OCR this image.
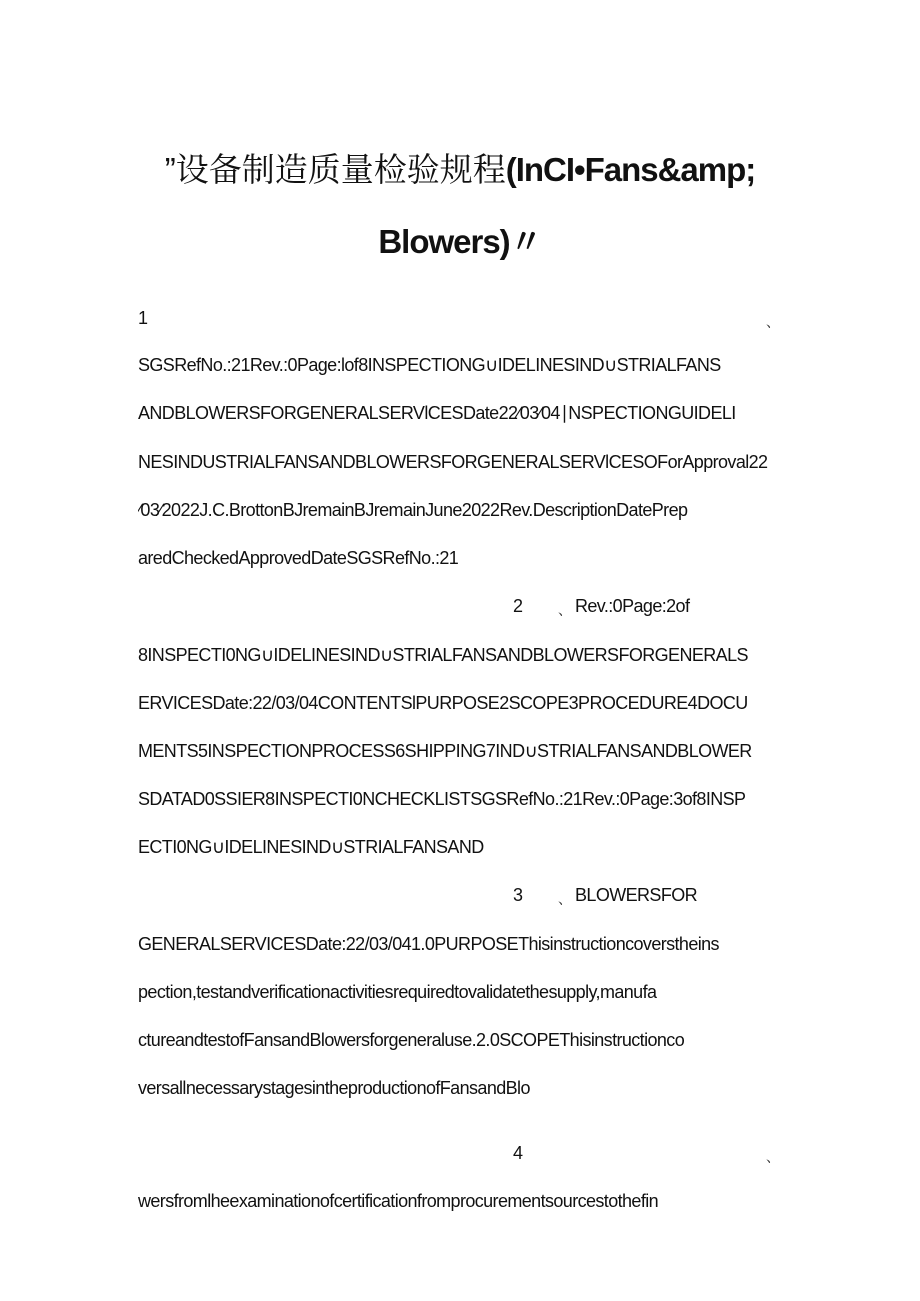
”设备制造质量检验规程(InCI•Fans&amp;
Blowers)〃
1	、
SGSRefNo.:21Rev.:0Page:lof8INSPECTIONG∪IDELINESIND∪STRIALFANS
ANDBLOWERSFORGENERALSERVlCESDate22∕03∕04∣NSPECTIONGUIDELI
NESINDUSTRIALFANSANDBLOWERSFORGENERALSERVlCESOForApproval22
∕03∕2022J.C.BrottonBJremainBJremainJune2022Rev.DescriptionDatePrep
aredCheckedApprovedDateSGSRefNo.:21
2 、 Rev.:0Page:2of
8INSPECTI0NG∪IDELINESIND∪STRIALFANSANDBLOWERSFORGENERALS
ERVICESDate:22/03/04CONTENTSlPURPOSE2SCOPE3PROCEDURE4DOCU
MENTS5INSPECTIONPROCESS6SHIPPING7IND∪STRIALFANSANDBLOWER
SDATAD0SSIER8INSPECTI0NCHECKLISTSGSRefNo.:21Rev.:0Page:3of8INSP
ECTI0NG∪IDELINESIND∪STRIALFANSAND
3 、 BLOWERSFOR
GENERALSERVICESDate:22/03/041.0PURPOSEThisinstructioncoverstheins
pection,testandverificationactivitiesrequiredtovalidatethesupply,manufa
ctureandtestofFansandBlowersforgeneraluse.2.0SCOPEThisinstructionco
versallnecessarystagesintheproductionofFansandBlo
4	、
wersfromlheexaminationofcertificationfromprocurementsourcestothefin
